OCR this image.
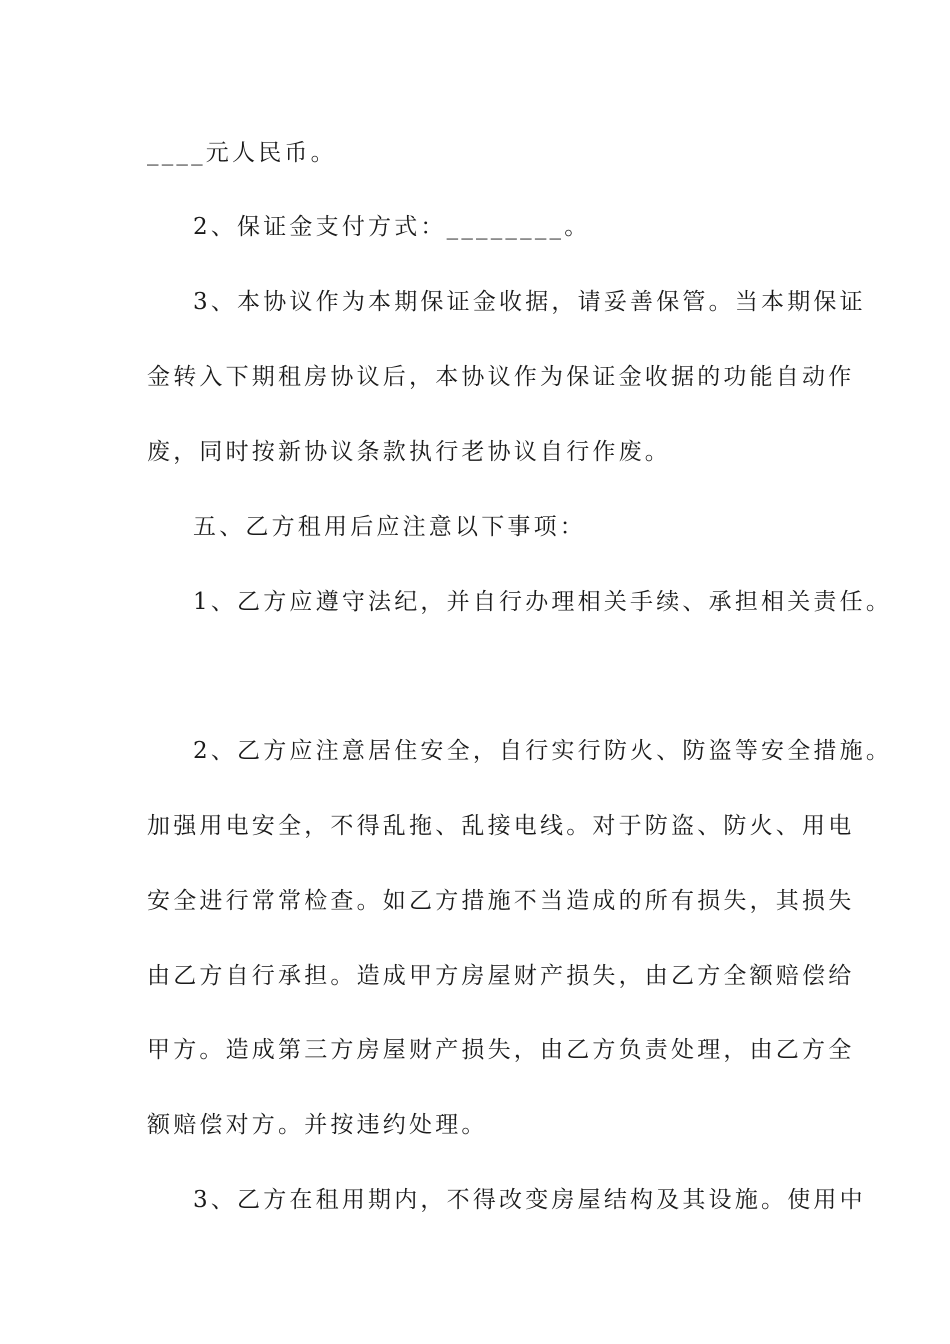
____元人民币。
2、保证金支付方式：________。
3、本协议作为本期保证金收据，请妥善保管。当本期保证
金转入下期租房协议后，本协议作为保证金收据的功能自动作
废，同时按新协议条款执行老协议自行作废。
五、乙方租用后应注意以下事项：
1、乙方应遵守法纪，并自行办理相关手续、承担相关责任。
2、乙方应注意居住安全，自行实行防火、防盗等安全措施。
加强用电安全，不得乱拖、乱接电线。对于防盗、防火、用电
安全进行常常检查。如乙方措施不当造成的所有损失，其损失
由乙方自行承担。造成甲方房屋财产损失，由乙方全额赔偿给
甲方。造成第三方房屋财产损失，由乙方负责处理，由乙方全
额赔偿对方。并按违约处理。
3、乙方在租用期内，不得改变房屋结构及其设施。使用中
